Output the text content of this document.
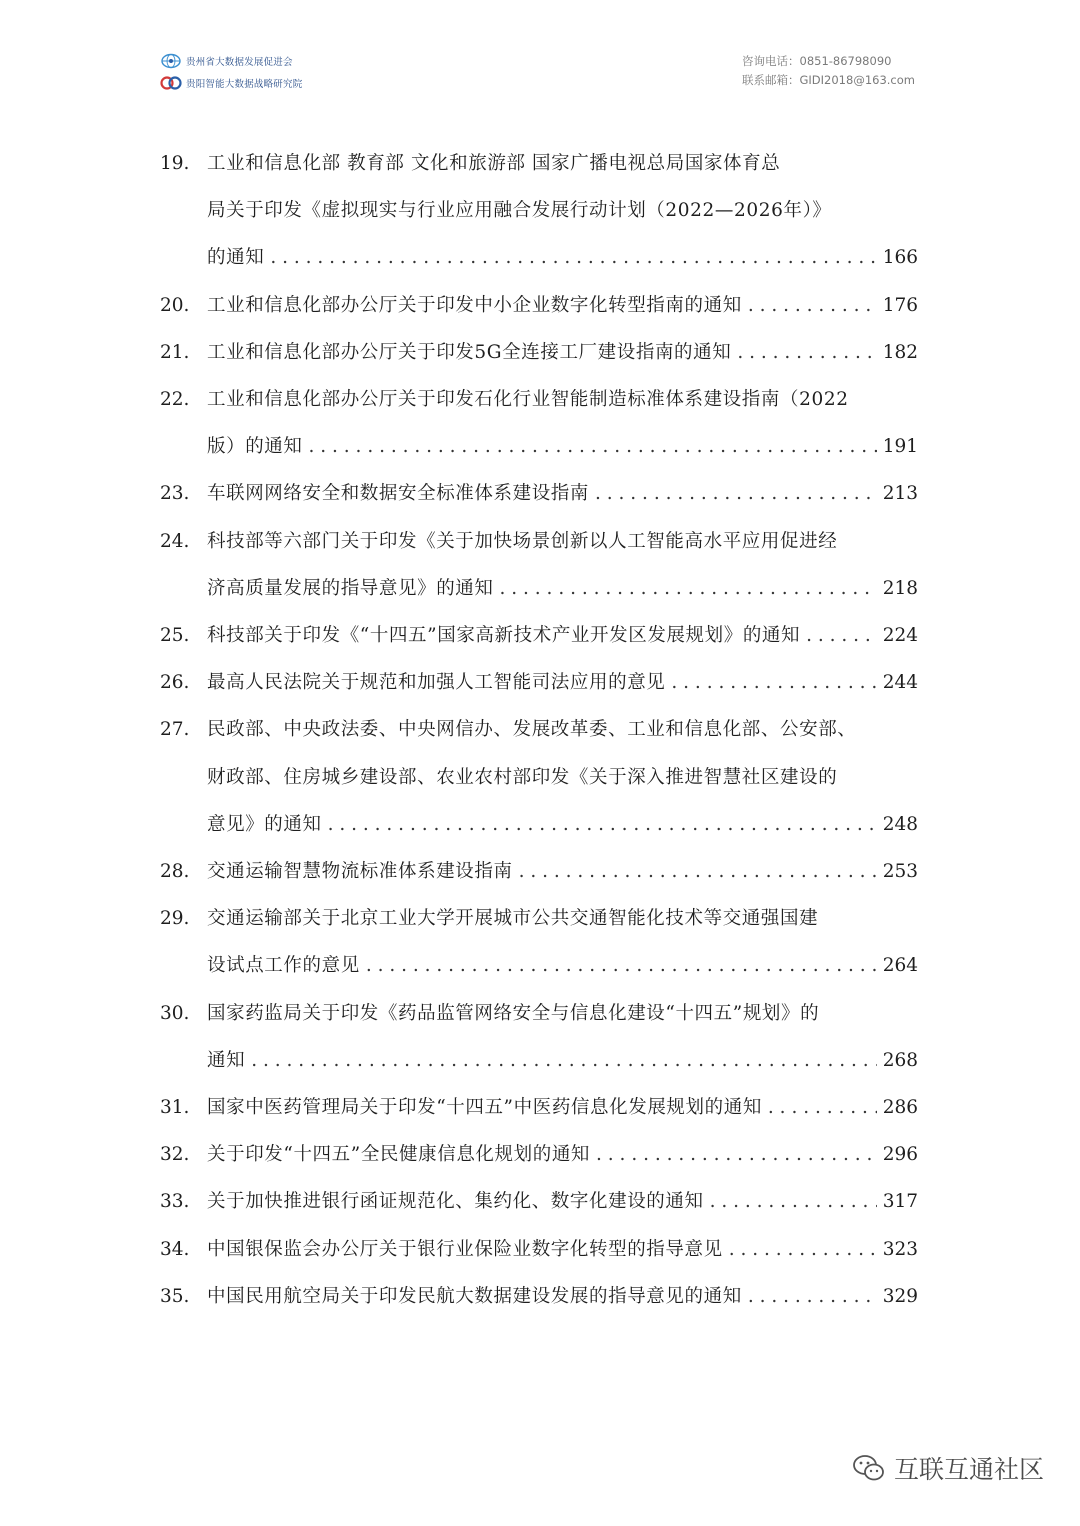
贵州省大数据发展促进会
贵阳智能大数据战略研究院
咨询电话：0851-86798090
联系邮箱：GIDI2018@163.com
19. 工业和信息化部 教育部 文化和旅游部 国家广播电视总局国家体育总
局关于印发《虚拟现实与行业应用融合发展行动计划（2022—2026年）》
的通知 . . .	166
20. 工业和信息化部办公厅关于印发中小企业数字化转型指南的通知 . . .	176
21. 工业和信息化部办公厅关于印发5G全连接工厂建设指南的通知 . . .	182
22. 工业和信息化部办公厅关于印发石化行业智能制造标准体系建设指南（2022
版）的通知 . . .	191
23. 车联网网络安全和数据安全标准体系建设指南 . . .	213
24. 科技部等六部门关于印发《关于加快场景创新以人工智能高水平应用促进经
济高质量发展的指导意见》的通知 . . .	218
25. 科技部关于印发《“十四五”国家高新技术产业开发区发展规划》的通知 . . .	224
26. 最高人民法院关于规范和加强人工智能司法应用的意见 . . .	244
27. 民政部、中央政法委、中央网信办、发展改革委、工业和信息化部、公安部、
财政部、住房城乡建设部、农业农村部印发《关于深入推进智慧社区建设的
意见》的通知 . . .	248
28. 交通运输智慧物流标准体系建设指南 . . .	253
29. 交通运输部关于北京工业大学开展城市公共交通智能化技术等交通强国建
设试点工作的意见 . . .	264
30. 国家药监局关于印发《药品监管网络安全与信息化建设“十四五”规划》的
通知 . . .	268
31. 国家中医药管理局关于印发“十四五”中医药信息化发展规划的通知 . . .	286
32. 关于印发“十四五”全民健康信息化规划的通知 . . .	296
33. 关于加快推进银行函证规范化、集约化、数字化建设的通知 . . .	317
34. 中国银保监会办公厅关于银行业保险业数字化转型的指导意见 . . .	323
35. 中国民用航空局关于印发民航大数据建设发展的指导意见的通知 . . .	329
互联互通社区
